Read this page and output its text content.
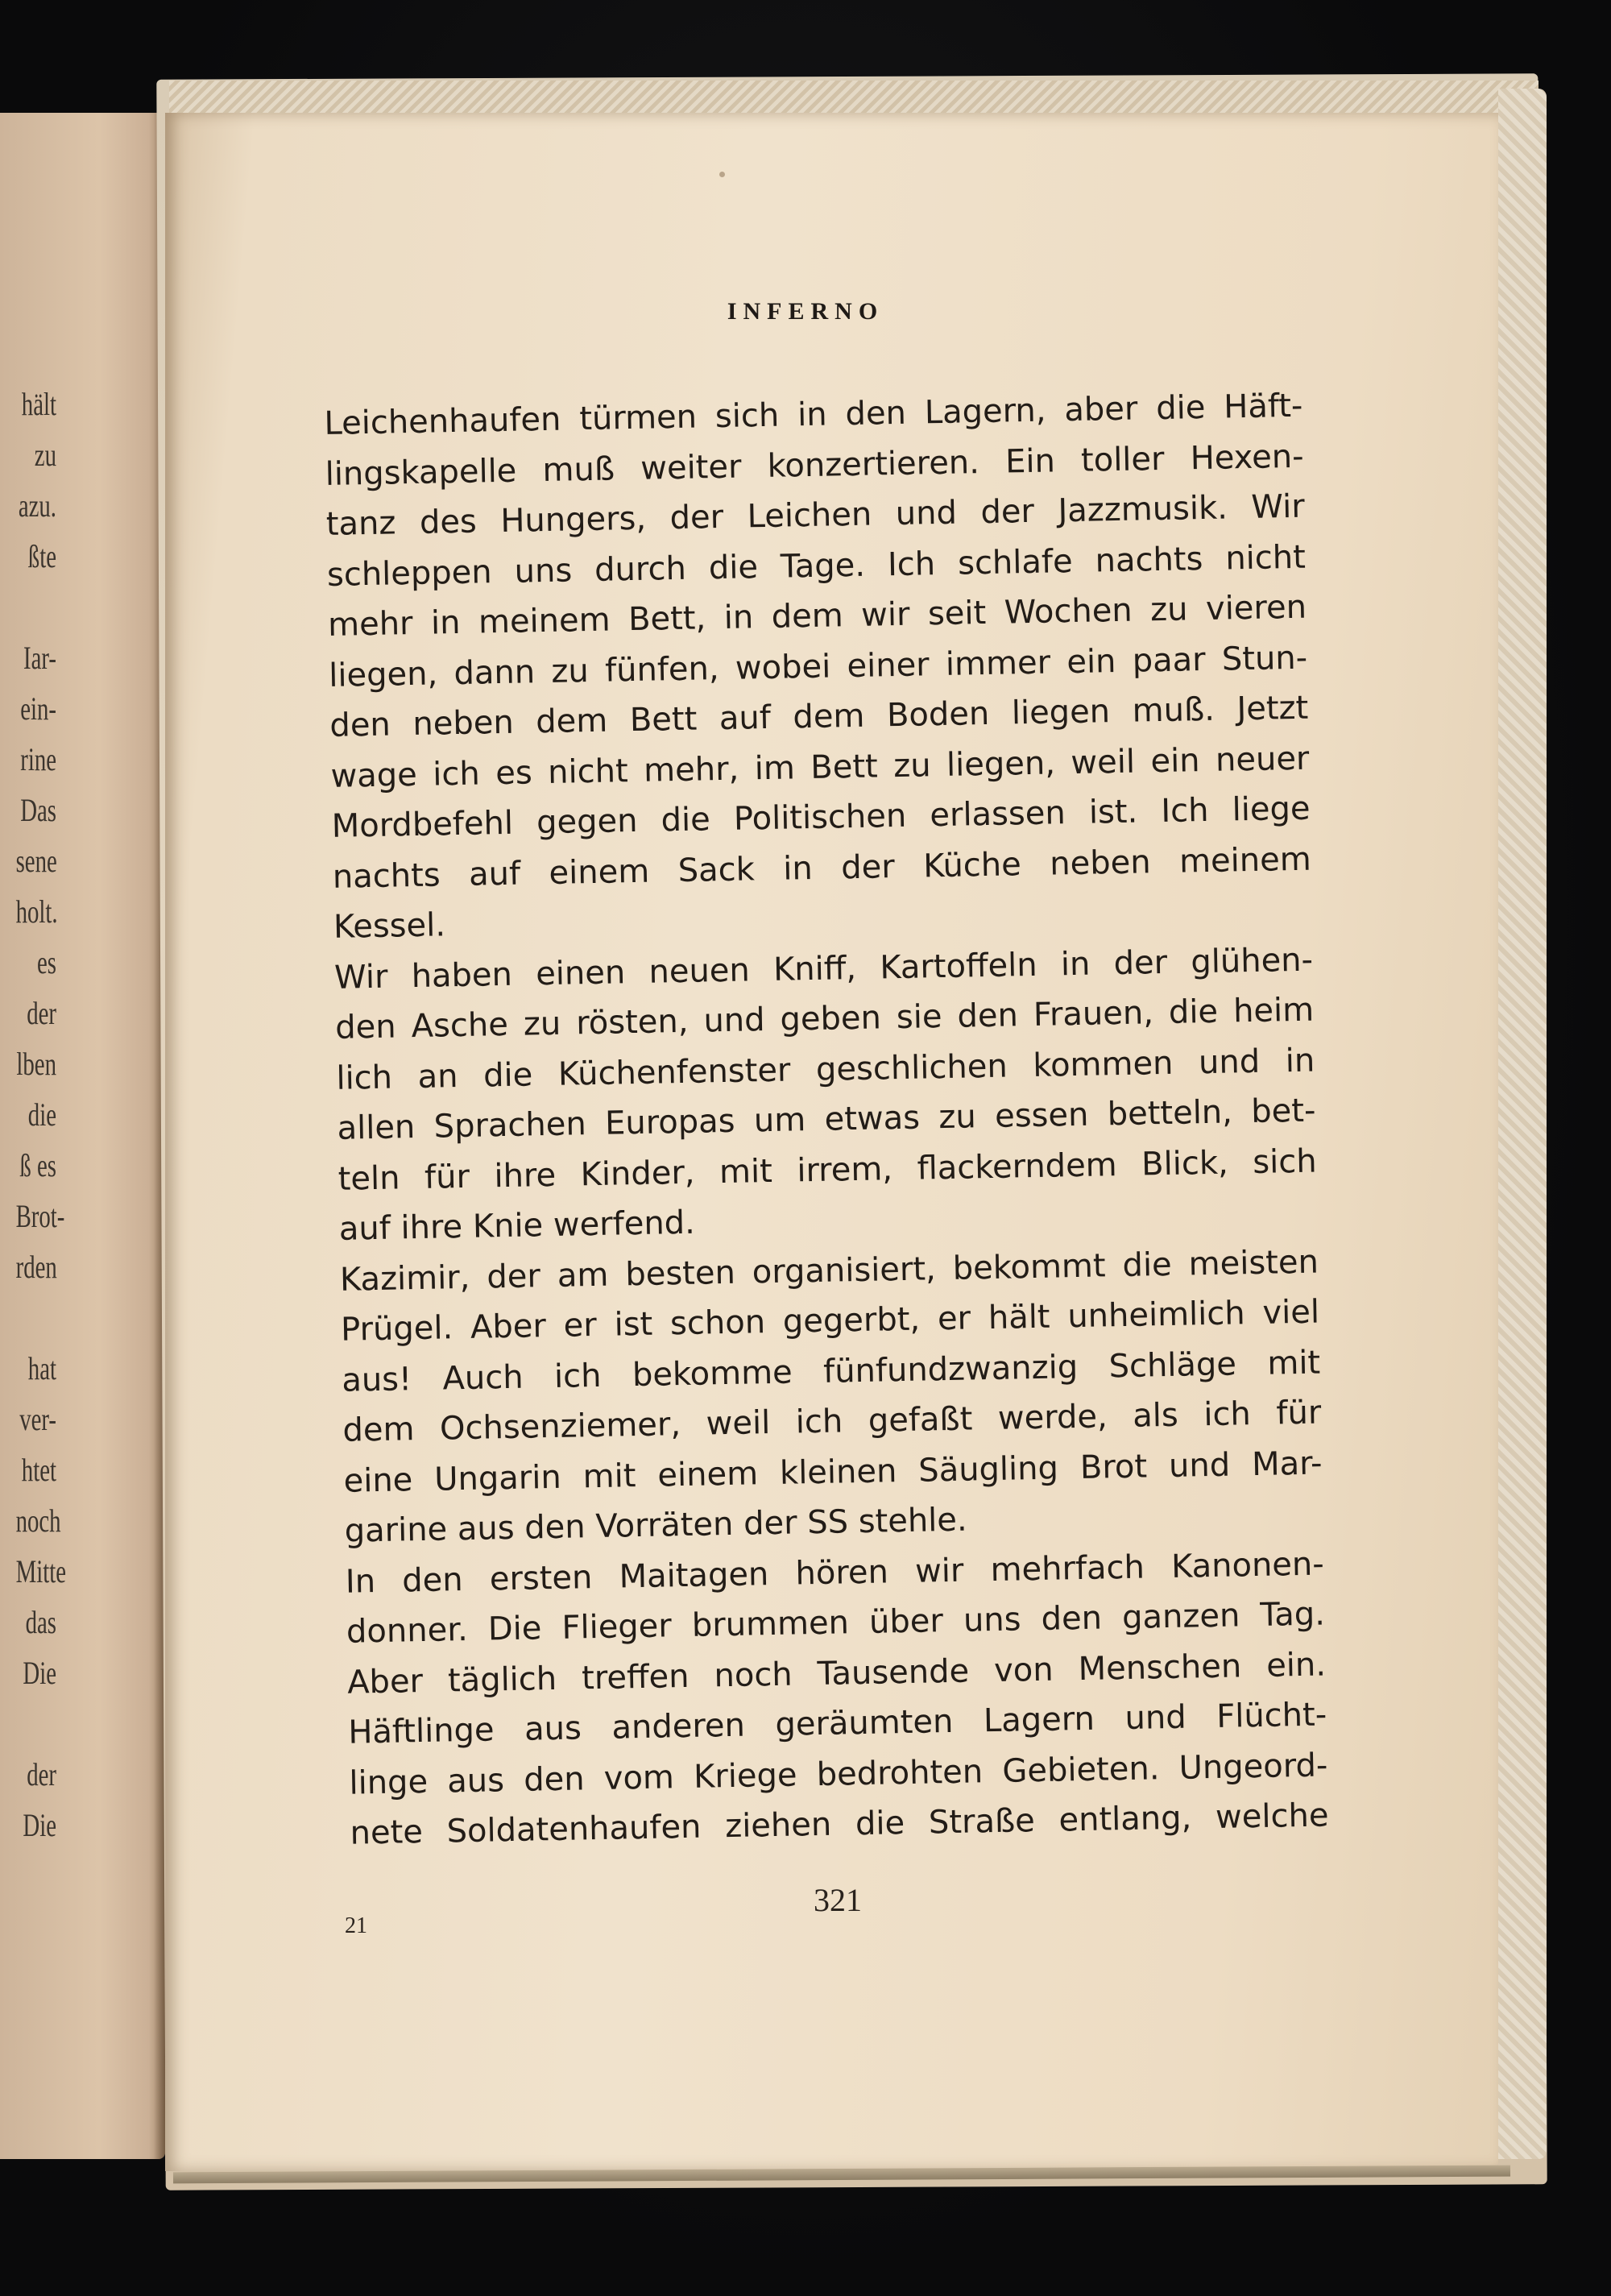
hält
zu
azu.
ßte
Iar-
ein-
rine
Das
sene
holt.
es
der
lben
die
ß es
Brot-
rden
hat
ver-
htet
noch
Mitte
das
Die
der
Die
INFERNO
Leichenhaufen türmen sich in den Lagern, aber die Häft-
lingskapelle muß weiter konzertieren. Ein toller Hexen-
tanz des Hungers, der Leichen und der Jazzmusik. Wir
schleppen uns durch die Tage. Ich schlafe nachts nicht
mehr in meinem Bett, in dem wir seit Wochen zu vieren
liegen, dann zu fünfen, wobei einer immer ein paar Stun-
den neben dem Bett auf dem Boden liegen muß. Jetzt
wage ich es nicht mehr, im Bett zu liegen, weil ein neuer
Mordbefehl gegen die Politischen erlassen ist. Ich liege
nachts auf einem Sack in der Küche neben meinem
Kessel.
Wir haben einen neuen Kniff, Kartoffeln in der glühen-
den Asche zu rösten, und geben sie den Frauen, die heim
lich an die Küchenfenster geschlichen kommen und in
allen Sprachen Europas um etwas zu essen betteln, bet-
teln für ihre Kinder, mit irrem, flackerndem Blick, sich
auf ihre Knie werfend.
Kazimir, der am besten organisiert, bekommt die meisten
Prügel. Aber er ist schon gegerbt, er hält unheimlich viel
aus! Auch ich bekomme fünfundzwanzig Schläge mit
dem Ochsenziemer, weil ich gefaßt werde, als ich für
eine Ungarin mit einem kleinen Säugling Brot und Mar-
garine aus den Vorräten der SS stehle.
In den ersten Maitagen hören wir mehrfach Kanonen-
donner. Die Flieger brummen über uns den ganzen Tag.
Aber täglich treffen noch Tausende von Menschen ein.
Häftlinge aus anderen geräumten Lagern und Flücht-
linge aus den vom Kriege bedrohten Gebieten. Ungeord-
nete Soldatenhaufen ziehen die Straße entlang, welche
321
21
